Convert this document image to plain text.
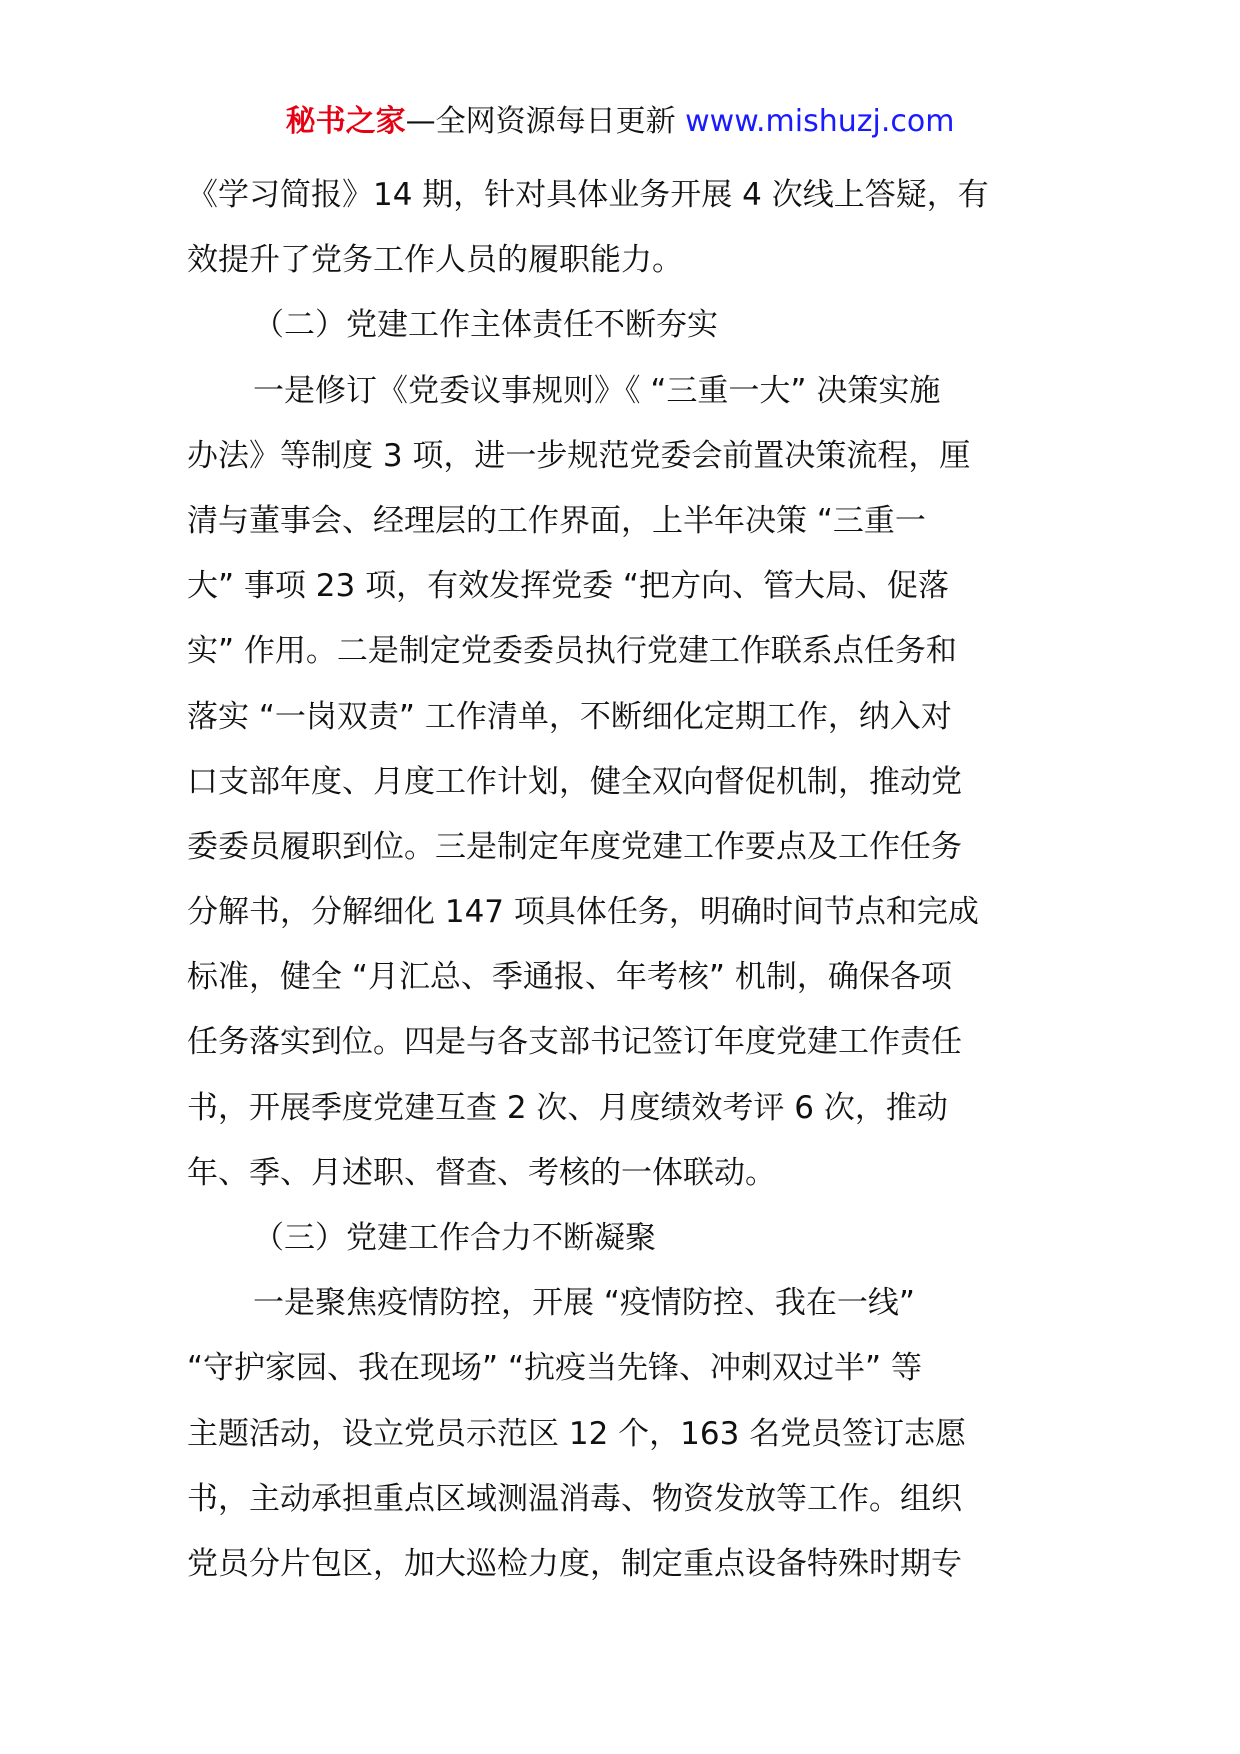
秘书之家—全网资源每日更新 www.mishuzj.com
《学习简报》14 期，针对具体业务开展 4 次线上答疑，有
效提升了党务工作人员的履职能力。
（二）党建工作主体责任不断夯实
一是修订《党委议事规则》《 “三重一大” 决策实施
办法》等制度 3 项，进一步规范党委会前置决策流程，厘
清与董事会、经理层的工作界面，上半年决策 “三重一
大” 事项 23 项，有效发挥党委 “把方向、管大局、促落
实” 作用。二是制定党委委员执行党建工作联系点任务和
落实 “一岗双责” 工作清单，不断细化定期工作，纳入对
口支部年度、月度工作计划，健全双向督促机制，推动党
委委员履职到位。三是制定年度党建工作要点及工作任务
分解书，分解细化 147 项具体任务，明确时间节点和完成
标准，健全 “月汇总、季通报、年考核” 机制，确保各项
任务落实到位。四是与各支部书记签订年度党建工作责任
书，开展季度党建互查 2 次、月度绩效考评 6 次，推动
年、季、月述职、督查、考核的一体联动。
（三）党建工作合力不断凝聚
一是聚焦疫情防控，开展 “疫情防控、我在一线”
“守护家园、我在现场” “抗疫当先锋、冲刺双过半” 等
主题活动，设立党员示范区 12 个，163 名党员签订志愿
书，主动承担重点区域测温消毒、物资发放等工作。组织
党员分片包区，加大巡检力度，制定重点设备特殊时期专
